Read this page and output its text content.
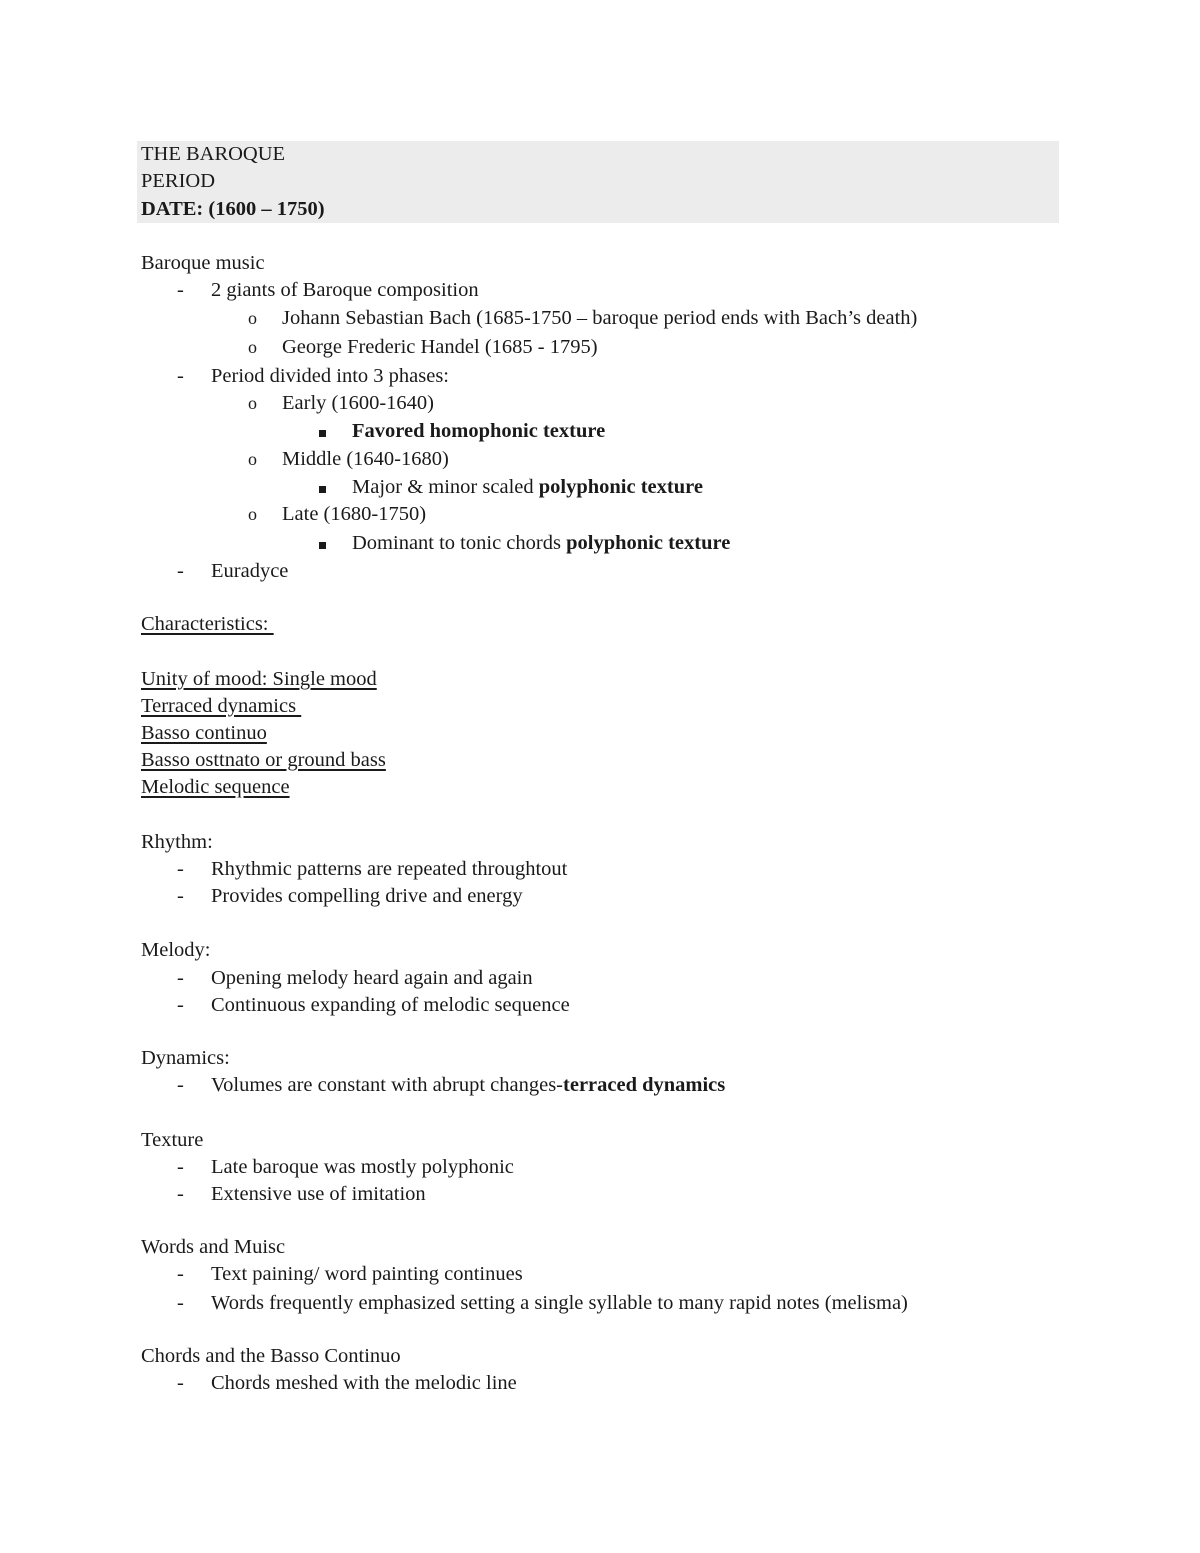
THE BAROQUE
PERIOD
DATE: (1600 – 1750)
Baroque music
- 2 giants of Baroque composition
o Johann Sebastian Bach (1685-1750 – baroque period ends with Bach’s death)
o George Frederic Handel (1685 - 1795)
- Period divided into 3 phases:
o Early (1600-1640)
Favored homophonic texture
o Middle (1640-1680)
Major & minor scaled polyphonic texture
o Late (1680-1750)
Dominant to tonic chords polyphonic texture
- Euradyce
Characteristics:
Unity of mood: Single mood
Terraced dynamics
Basso continuo
Basso osttnato or ground bass
Melodic sequence
Rhythm:
- Rhythmic patterns are repeated throughtout
- Provides compelling drive and energy
Melody:
- Opening melody heard again and again
- Continuous expanding of melodic sequence
Dynamics:
- Volumes are constant with abrupt changes-terraced dynamics
Texture
- Late baroque was mostly polyphonic
- Extensive use of imitation
Words and Muisc
- Text paining/ word painting continues
- Words frequently emphasized setting a single syllable to many rapid notes (melisma)
Chords and the Basso Continuo
- Chords meshed with the melodic line
